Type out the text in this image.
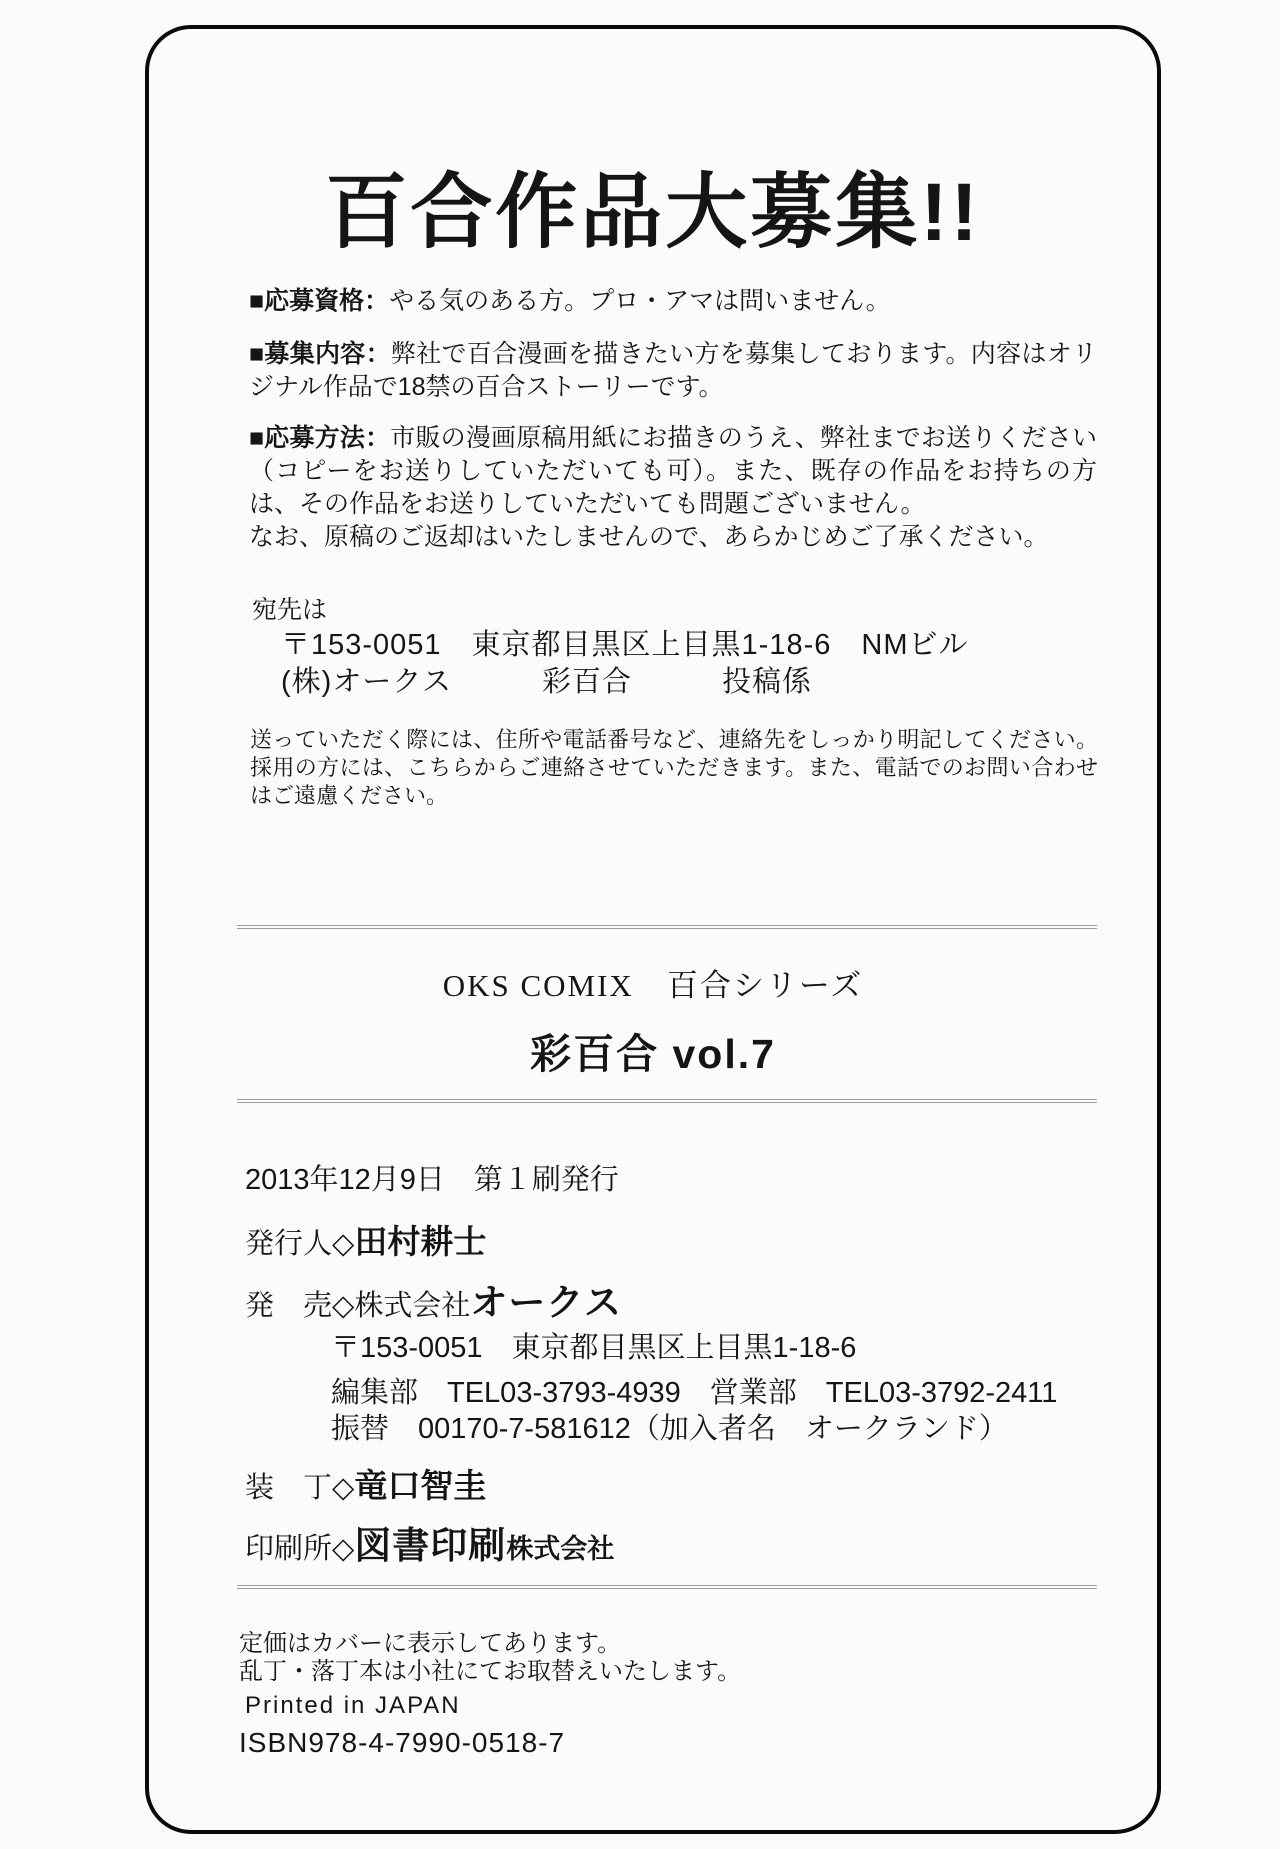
百合作品大募集!!
■応募資格：やる気のある方。プロ・アマは問いません。
■募集内容：弊社で百合漫画を描きたい方を募集しております。内容はオリジナル作品で18禁の百合ストーリーです。
■応募方法：市販の漫画原稿用紙にお描きのうえ、弊社までお送りください（コピーをお送りしていただいても可）。また、既存の作品をお持ちの方は、その作品をお送りしていただいても問題ございません。
なお、原稿のご返却はいたしませんので、あらかじめご了承ください。
宛先は
〒153-0051　東京都目黒区上目黒1-18-6　NMビル
(株)オークス　　　彩百合　　　投稿係
送っていただく際には、住所や電話番号など、連絡先をしっかり明記してください。採用の方には、こちらからご連絡させていただきます。また、電話でのお問い合わせはご遠慮ください。
OKS COMIX　百合シリーズ
彩百合 vol.7
2013年12月9日　第１刷発行
発行人◇田村耕士
発　売◇株式会社オークス
〒153-0051　東京都目黒区上目黒1-18-6
編集部　TEL03-3793-4939　営業部　TEL03-3792-2411
振替　00170-7-581612（加入者名　オークランド）
装　丁◇竜口智圭
印刷所◇図書印刷株式会社
定価はカバーに表示してあります。
乱丁・落丁本は小社にてお取替えいたします。
Printed in JAPAN
ISBN978-4-7990-0518-7
